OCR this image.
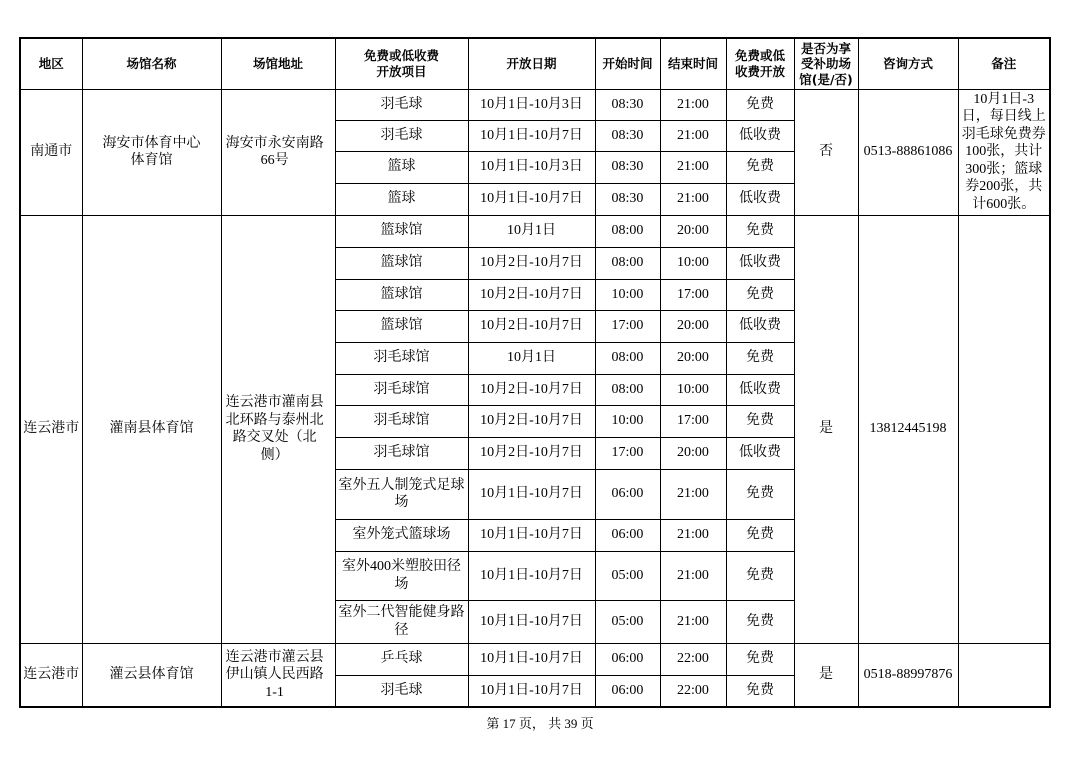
地区	场馆名称	场馆地址	免费或低收费开放项目	开放日期	开始时间	结束时间	免费或低收费开放	是否为享受补助场馆(是/否)	咨询方式	备注
南通市	海安市体育中心体育馆	海安市永安南路66号	羽毛球	10月1日-10月3日	08:30	21:00	免费	否	0513-88861086	10月1日-3日，每日线上羽毛球免费券100张，共计300张；篮球券200张，共计600张。

			羽毛球	10月1日-10月7日	08:30	21:00	低收费			
			篮球	10月1日-10月3日	08:30	21:00	免费			
			篮球	10月1日-10月7日	08:30	21:00	低收费			
连云港市	灌南县体育馆	连云港市灌南县北环路与泰州北路交叉处（北侧）	篮球馆	10月1日	08:00	20:00	免费	是	13812445198	

			篮球馆	10月2日-10月7日	08:00	10:00	低收费			
			篮球馆	10月2日-10月7日	10:00	17:00	免费			
			篮球馆	10月2日-10月7日	17:00	20:00	低收费			
			羽毛球馆	10月1日	08:00	20:00	免费			
			羽毛球馆	10月2日-10月7日	08:00	10:00	低收费			
			羽毛球馆	10月2日-10月7日	10:00	17:00	免费			
			羽毛球馆	10月2日-10月7日	17:00	20:00	低收费			
			室外五人制笼式足球场	10月1日-10月7日	06:00	21:00	免费			
			室外笼式篮球场	10月1日-10月7日	06:00	21:00	免费			
			室外400米塑胶田径场	10月1日-10月7日	05:00	21:00	免费			
			室外二代智能健身路径	10月1日-10月7日	05:00	21:00	免费			
连云港市	灌云县体育馆	连云港市灌云县伊山镇人民西路1-1	乒乓球	10月1日-10月7日	06:00	22:00	免费	是	0518-88997876	

			羽毛球	10月1日-10月7日	06:00	22:00	免费			
第 17 页， 共 39 页
